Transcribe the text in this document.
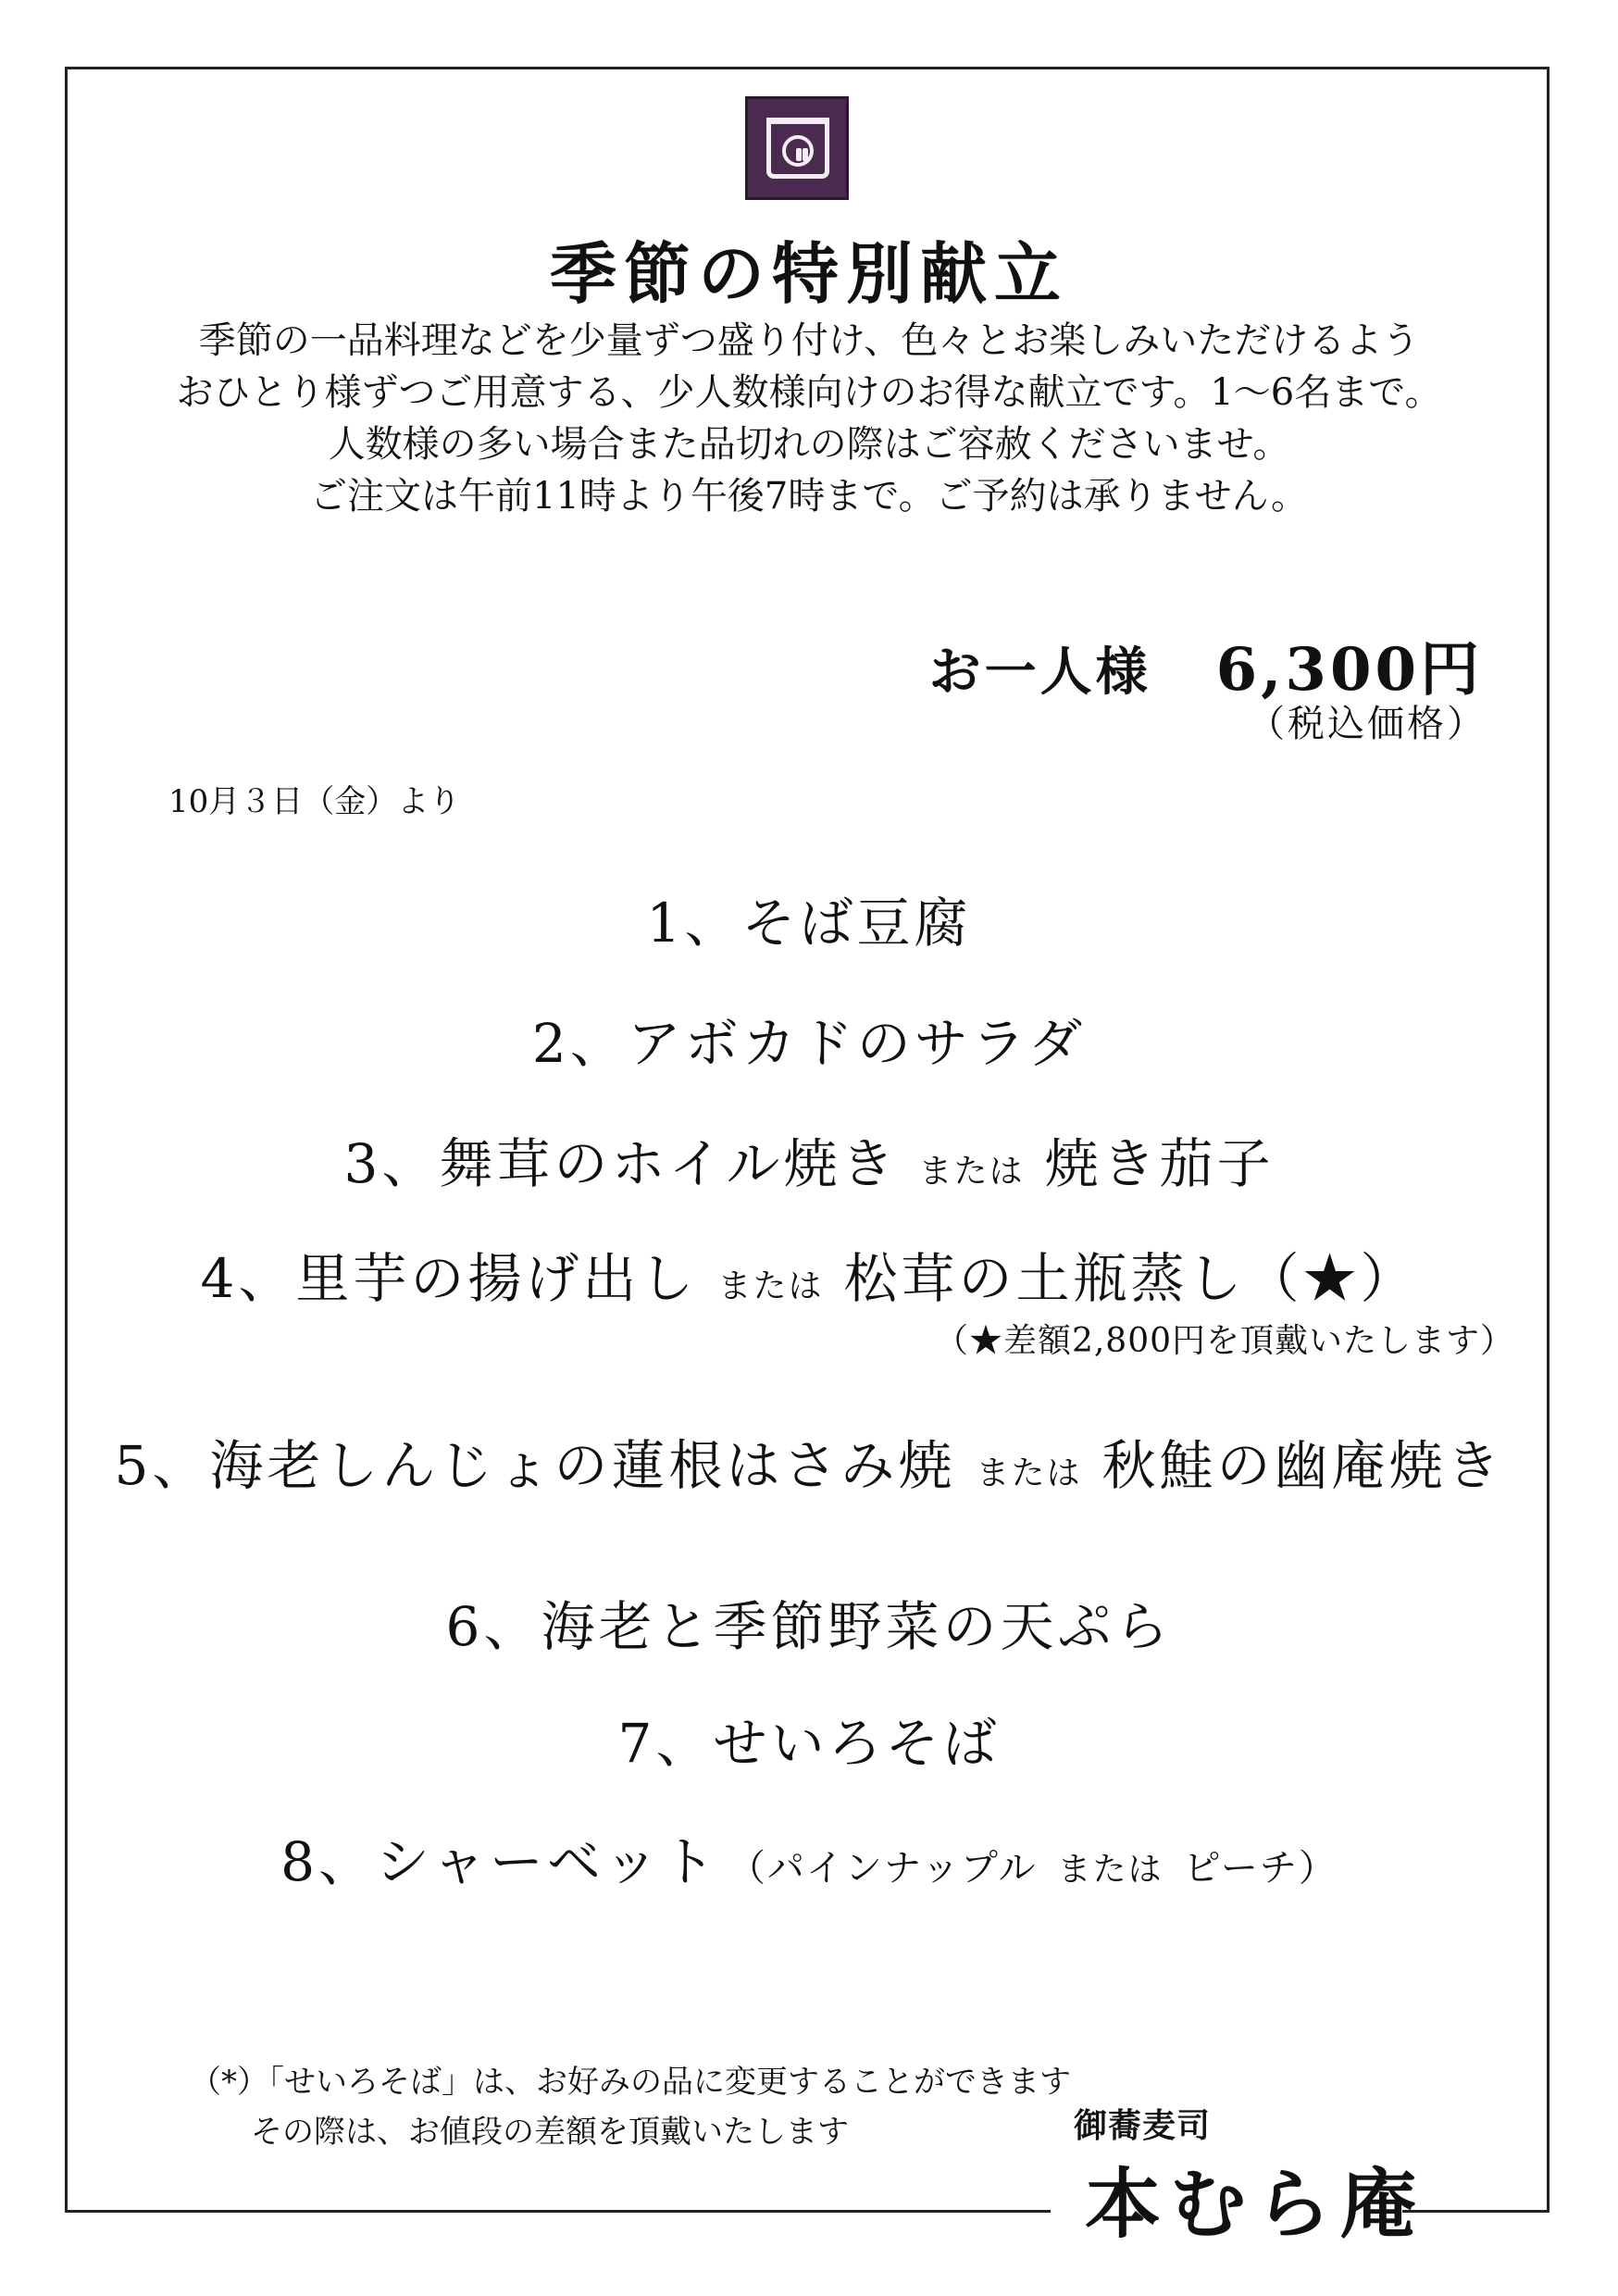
季節の特別献立
季節の一品料理などを少量ずつ盛り付け、色々とお楽しみいただけるよう
おひとり様ずつご用意する、少人数様向けのお得な献立です。1〜6名まで。
人数様の多い場合また品切れの際はご容赦くださいませ。
ご注文は午前11時より午後7時まで。ご予約は承りません。
お一人様 6,300円
（税込価格）
10月３日（金）より
1、そば豆腐
2、アボカドのサラダ
3、舞茸のホイル焼き または 焼き茄子
4、里芋の揚げ出し または 松茸の土瓶蒸し（★）
（★差額2,800円を頂戴いたします）
5、海老しんじょの蓮根はさみ焼 または 秋鮭の幽庵焼き
6、海老と季節野菜の天ぷら
7、せいろそば
8、シャーベット （パインナップル または ピーチ）
（*）「せいろそば」は、お好みの品に変更することができます
その際は、お値段の差額を頂戴いたします	御蕎麦司
本むら庵
